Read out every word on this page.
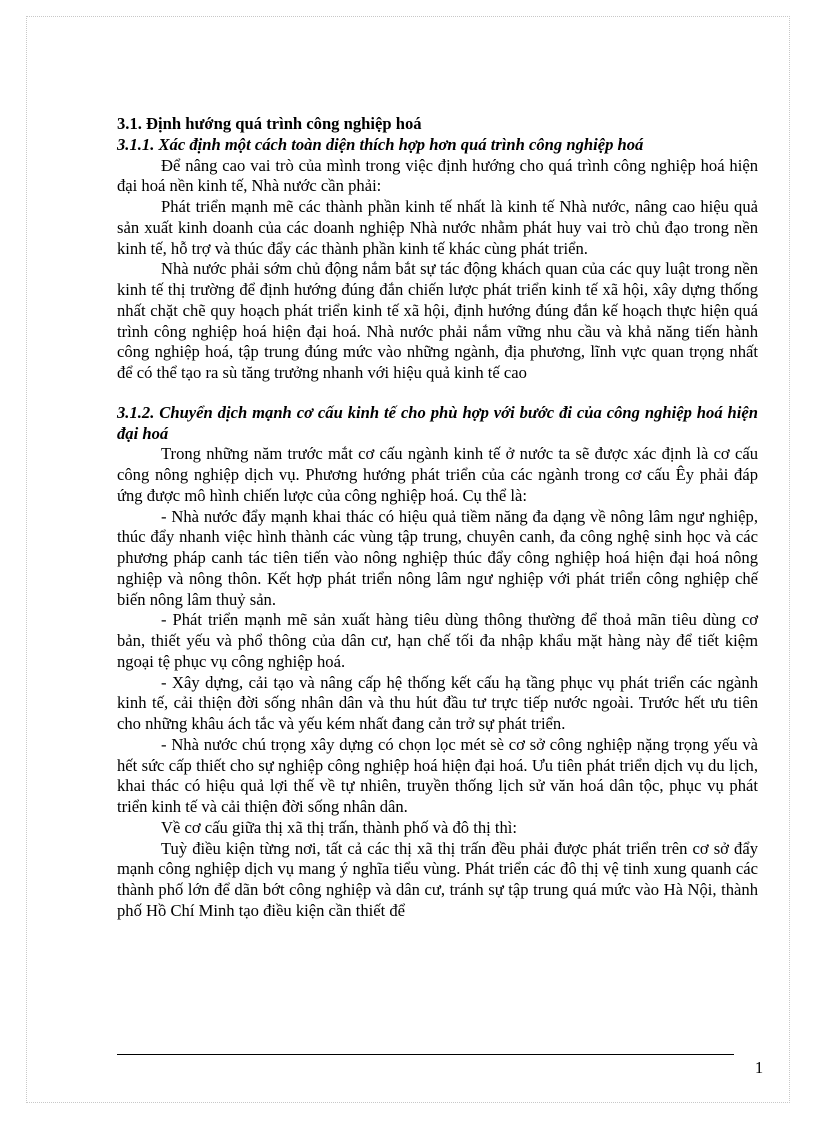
3.1. Định hướng quá trình công nghiệp hoá
3.1.1. Xác định một cách toàn diện thích hợp hơn quá trình công nghiệp hoá

Để nâng cao vai trò của mình trong việc định hướng cho quá trình công nghiệp hoá hiện đại hoá nền kinh tế, Nhà nước cần phải:

Phát triển mạnh mẽ các thành phần kinh tế nhất là kinh tế Nhà nước, nâng cao hiệu quả sản xuất kinh doanh của các doanh nghiệp Nhà nước nhằm phát huy vai trò chủ đạo trong nền kinh tế, hỗ trợ và thúc đẩy các thành phần kinh tế khác cùng phát triển.

Nhà nước phải sớm chủ động nắm bắt sự tác động khách quan của các quy luật trong nền kinh tế thị trường để định hướng đúng đắn chiến lược phát triển kinh tế xã hội, xây dựng thống nhất chặt chẽ quy hoạch phát triển kinh tế xã hội, định hướng đúng đắn kế hoạch thực hiện quá trình công nghiệp hoá hiện đại hoá. Nhà nước phải nắm vững nhu cầu và khả năng tiến hành công nghiệp hoá, tập trung đúng mức vào những ngành, địa phương, lĩnh vực quan trọng nhất để có thể tạo ra sù tăng trưởng nhanh với hiệu quả kinh tế cao

3.1.2. Chuyển dịch mạnh cơ cấu kinh tế cho phù hợp với bước đi của công nghiệp hoá hiện đại hoá

Trong những năm trước mắt cơ cấu ngành kinh tế ở nước ta sẽ được xác định là cơ cấu công nông nghiệp dịch vụ. Phương hướng phát triển của các ngành trong cơ cấu Êy phải đáp ứng được mô hình chiến lược của công nghiệp hoá. Cụ thể là:

- Nhà nước đẩy mạnh khai thác có hiệu quả tiềm năng đa dạng về nông lâm ngư nghiệp, thúc đẩy nhanh việc hình thành các vùng tập trung, chuyên canh, đa công nghệ sinh học và các phương pháp canh tác tiên tiến vào nông nghiệp thúc đẩy công nghiệp hoá hiện đại hoá nông nghiệp và nông thôn. Kết hợp phát triển nông lâm ngư nghiệp với phát triển công nghiệp chế biến nông lâm thuỷ sản.

- Phát triển mạnh mẽ sản xuất hàng tiêu dùng thông thường để thoả mãn tiêu dùng cơ bản, thiết yếu và phổ thông của dân cư, hạn chế tối đa nhập khẩu mặt hàng này để tiết kiệm ngoại tệ phục vụ công nghiệp hoá.

- Xây dựng, cải tạo và nâng cấp hệ thống kết cấu hạ tầng phục vụ phát triển các ngành kinh tế, cải thiện đời sống nhân dân và thu hút đầu tư trực tiếp nước ngoài. Trước hết ưu tiên cho những khâu ách tắc và yếu kém nhất đang cản trở sự phát triển.

- Nhà nước chú trọng xây dựng có chọn lọc mét sè cơ sở công nghiệp nặng trọng yếu và hết sức cấp thiết cho sự nghiệp công nghiệp hoá hiện đại hoá. Ưu tiên phát triển dịch vụ du lịch, khai thác có hiệu quả lợi thế về tự nhiên, truyền thống lịch sử văn hoá dân tộc, phục vụ phát triển kinh tế và cải thiện đời sống nhân dân.

Về cơ cấu giữa thị xã thị trấn, thành phố và đô thị thì:

Tuỳ điều kiện từng nơi, tất cả các thị xã thị trấn đều phải được phát triển trên cơ sở đẩy mạnh công nghiệp dịch vụ mang ý nghĩa tiểu vùng. Phát triển các đô thị vệ tinh xung quanh các thành phố lớn để dãn bớt công nghiệp và dân cư, tránh sự tập trung quá mức vào Hà Nội, thành phố Hồ Chí Minh tạo điều kiện cần thiết để

1
